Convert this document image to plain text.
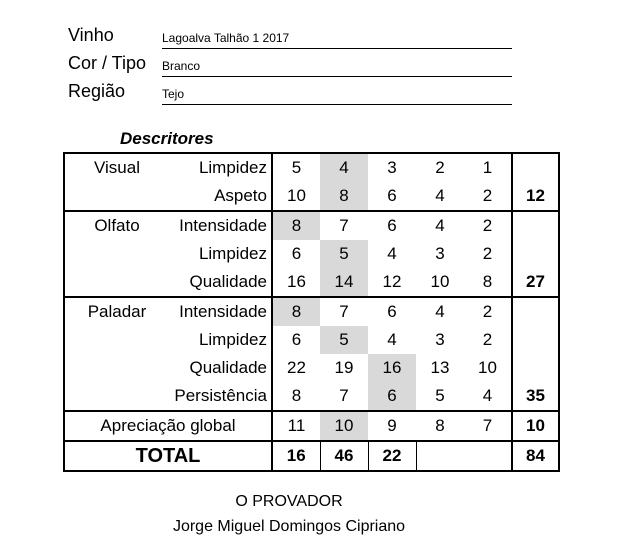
Vinho	Lagoalva Talhão 1 2017
Cor / Tipo Branco
Região	Tejo
Descritores
Visual	Limpidez	5	4	3	2	1	
	Aspeto	10	8	6	4	2	12
Olfato	Intensidade	8	7	6	4	2	
	Limpidez	6	5	4	3	2	
	Qualidade	16	14	12	10	8	27
Paladar	Intensidade	8	7	6	4	2	
	Limpidez	6	5	4	3	2	
	Qualidade	22	19	16	13	10	
	Persistência	8	7	6	5	4	35
Apreciação global		11	10	9	8	7	10
TOTAL		16	46	22			84
O PROVADOR
Jorge Miguel Domingos Cipriano
